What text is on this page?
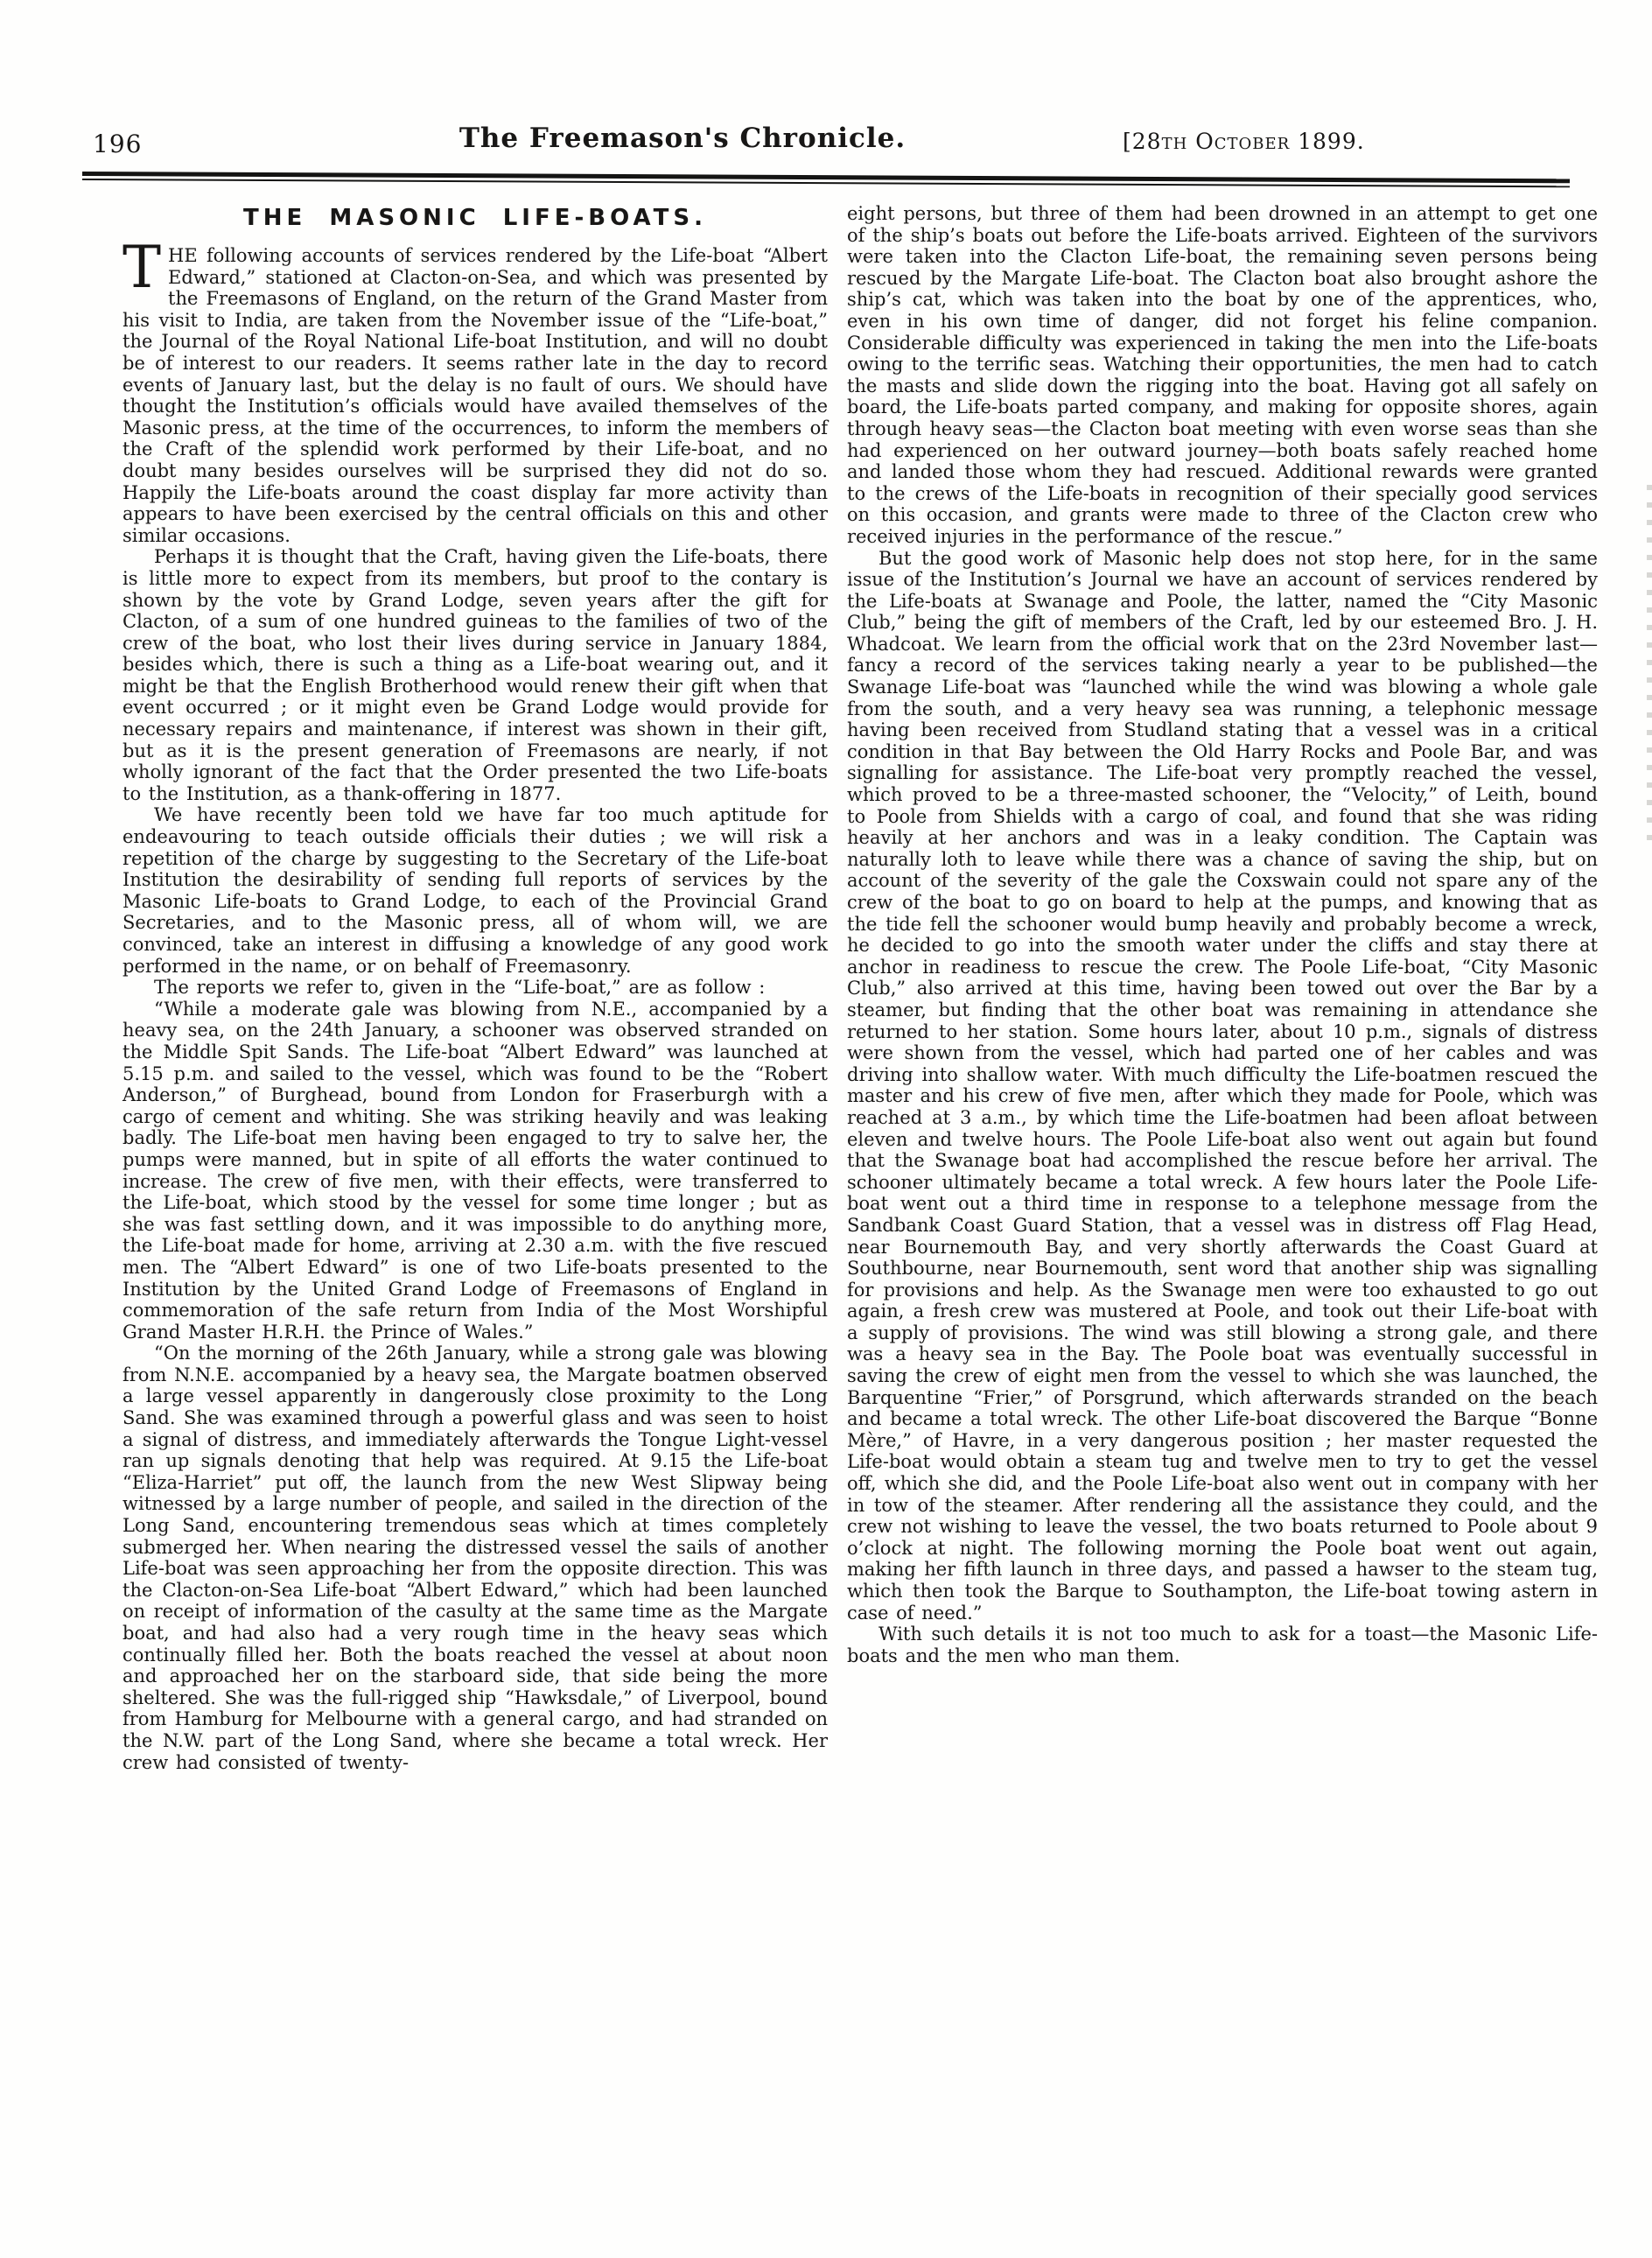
196	The Freemason's Chronicle.	[28th October 1899.
THE MASONIC LIFE-BOATS.

THE following accounts of services rendered by the Life-boat “Albert Edward,” stationed at Clacton-on-Sea, and which was presented by the Freemasons of England, on the return of the Grand Master from his visit to India, are taken from the November issue of the “Life-boat,” the Journal of the Royal National Life-boat Institution, and will no doubt be of interest to our readers. It seems rather late in the day to record events of January last, but the delay is no fault of ours. We should have thought the Institution’s officials would have availed themselves of the Masonic press, at the time of the occurrences, to inform the members of the Craft of the splendid work performed by their Life-boat, and no doubt many besides ourselves will be surprised they did not do so. Happily the Life-boats around the coast display far more activity than appears to have been exercised by the central officials on this and other similar occasions.

Perhaps it is thought that the Craft, having given the Life-boats, there is little more to expect from its members, but proof to the contary is shown by the vote by Grand Lodge, seven years after the gift for Clacton, of a sum of one hundred guineas to the families of two of the crew of the boat, who lost their lives during service in January 1884, besides which, there is such a thing as a Life-boat wearing out, and it might be that the English Brotherhood would renew their gift when that event occurred ; or it might even be Grand Lodge would provide for necessary repairs and maintenance, if interest was shown in their gift, but as it is the present generation of Freemasons are nearly, if not wholly ignorant of the fact that the Order presented the two Life-boats to the Institution, as a thank-offering in 1877.

We have recently been told we have far too much aptitude for endeavouring to teach outside officials their duties ; we will risk a repetition of the charge by suggesting to the Secretary of the Life-boat Institution the desirability of sending full reports of services by the Masonic Life-boats to Grand Lodge, to each of the Provincial Grand Secretaries, and to the Masonic press, all of whom will, we are convinced, take an interest in diffusing a knowledge of any good work performed in the name, or on behalf of Freemasonry.

The reports we refer to, given in the “Life-boat,” are as follow :

“While a moderate gale was blowing from N.E., accompanied by a heavy sea, on the 24th January, a schooner was observed stranded on the Middle Spit Sands. The Life-boat “Albert Edward” was launched at 5.15 p.m. and sailed to the vessel, which was found to be the “Robert Anderson,” of Burghead, bound from London for Fraserburgh with a cargo of cement and whiting. She was striking heavily and was leaking badly. The Life-boat men having been engaged to try to salve her, the pumps were manned, but in spite of all efforts the water continued to increase. The crew of five men, with their effects, were transferred to the Life-boat, which stood by the vessel for some time longer ; but as she was fast settling down, and it was impossible to do anything more, the Life-boat made for home, arriving at 2.30 a.m. with the five rescued men. The “Albert Edward” is one of two Life-boats presented to the Institution by the United Grand Lodge of Freemasons of England in commemoration of the safe return from India of the Most Worshipful Grand Master H.R.H. the Prince of Wales.”

“On the morning of the 26th January, while a strong gale was blowing from N.N.E. accompanied by a heavy sea, the Margate boatmen observed a large vessel apparently in dangerously close proximity to the Long Sand. She was examined through a powerful glass and was seen to hoist a signal of distress, and immediately afterwards the Tongue Light-vessel ran up signals denoting that help was required. At 9.15 the Life-boat “Eliza-Harriet” put off, the launch from the new West Slipway being witnessed by a large number of people, and sailed in the direction of the Long Sand, encountering tremendous seas which at times completely submerged her. When nearing the distressed vessel the sails of another Life-boat was seen approaching her from the opposite direction. This was the Clacton-on-Sea Life-boat “Albert Edward,” which had been launched on receipt of information of the casulty at the same time as the Margate boat, and had also had a very rough time in the heavy seas which continually filled her. Both the boats reached the vessel at about noon and approached her on the starboard side, that side being the more sheltered. She was the full-rigged ship “Hawksdale,” of Liverpool, bound from Hamburg for Melbourne with a general cargo, and had stranded on the N.W. part of the Long Sand, where she became a total wreck. Her crew had consisted of twenty-

eight persons, but three of them had been drowned in an attempt to get one of the ship’s boats out before the Life-boats arrived. Eighteen of the survivors were taken into the Clacton Life-boat, the remaining seven persons being rescued by the Margate Life-boat. The Clacton boat also brought ashore the ship’s cat, which was taken into the boat by one of the apprentices, who, even in his own time of danger, did not forget his feline companion. Considerable difficulty was experienced in taking the men into the Life-boats owing to the terrific seas. Watching their opportunities, the men had to catch the masts and slide down the rigging into the boat. Having got all safely on board, the Life-boats parted company, and making for opposite shores, again through heavy seas—the Clacton boat meeting with even worse seas than she had experienced on her outward journey—both boats safely reached home and landed those whom they had rescued. Additional rewards were granted to the crews of the Life-boats in recognition of their specially good services on this occasion, and grants were made to three of the Clacton crew who received injuries in the performance of the rescue.”

But the good work of Masonic help does not stop here, for in the same issue of the Institution’s Journal we have an account of services rendered by the Life-boats at Swanage and Poole, the latter, named the “City Masonic Club,” being the gift of members of the Craft, led by our esteemed Bro. J. H. Whadcoat. We learn from the official work that on the 23rd November last—fancy a record of the services taking nearly a year to be published—the Swanage Life-boat was “launched while the wind was blowing a whole gale from the south, and a very heavy sea was running, a telephonic message having been received from Studland stating that a vessel was in a critical condition in that Bay between the Old Harry Rocks and Poole Bar, and was signalling for assistance. The Life-boat very promptly reached the vessel, which proved to be a three-masted schooner, the “Velocity,” of Leith, bound to Poole from Shields with a cargo of coal, and found that she was riding heavily at her anchors and was in a leaky condition. The Captain was naturally loth to leave while there was a chance of saving the ship, but on account of the severity of the gale the Coxswain could not spare any of the crew of the boat to go on board to help at the pumps, and knowing that as the tide fell the schooner would bump heavily and probably become a wreck, he decided to go into the smooth water under the cliffs and stay there at anchor in readiness to rescue the crew. The Poole Life-boat, “City Masonic Club,” also arrived at this time, having been towed out over the Bar by a steamer, but finding that the other boat was remaining in attendance she returned to her station. Some hours later, about 10 p.m., signals of distress were shown from the vessel, which had parted one of her cables and was driving into shallow water. With much difficulty the Life-boatmen rescued the master and his crew of five men, after which they made for Poole, which was reached at 3 a.m., by which time the Life-boatmen had been afloat between eleven and twelve hours. The Poole Life-boat also went out again but found that the Swanage boat had accomplished the rescue before her arrival. The schooner ultimately became a total wreck. A few hours later the Poole Life-boat went out a third time in response to a telephone message from the Sandbank Coast Guard Station, that a vessel was in distress off Flag Head, near Bournemouth Bay, and very shortly afterwards the Coast Guard at Southbourne, near Bournemouth, sent word that another ship was signalling for provisions and help. As the Swanage men were too exhausted to go out again, a fresh crew was mustered at Poole, and took out their Life-boat with a supply of provisions. The wind was still blowing a strong gale, and there was a heavy sea in the Bay. The Poole boat was eventually successful in saving the crew of eight men from the vessel to which she was launched, the Barquentine “Frier,” of Porsgrund, which afterwards stranded on the beach and became a total wreck. The other Life-boat discovered the Barque “Bonne Mère,” of Havre, in a very dangerous position ; her master requested the Life-boat would obtain a steam tug and twelve men to try to get the vessel off, which she did, and the Poole Life-boat also went out in company with her in tow of the steamer. After rendering all the assistance they could, and the crew not wishing to leave the vessel, the two boats returned to Poole about 9 o’clock at night. The following morning the Poole boat went out again, making her fifth launch in three days, and passed a hawser to the steam tug, which then took the Barque to Southampton, the Life-boat towing astern in case of need.”

With such details it is not too much to ask for a toast—the Masonic Life-boats and the men who man them.
